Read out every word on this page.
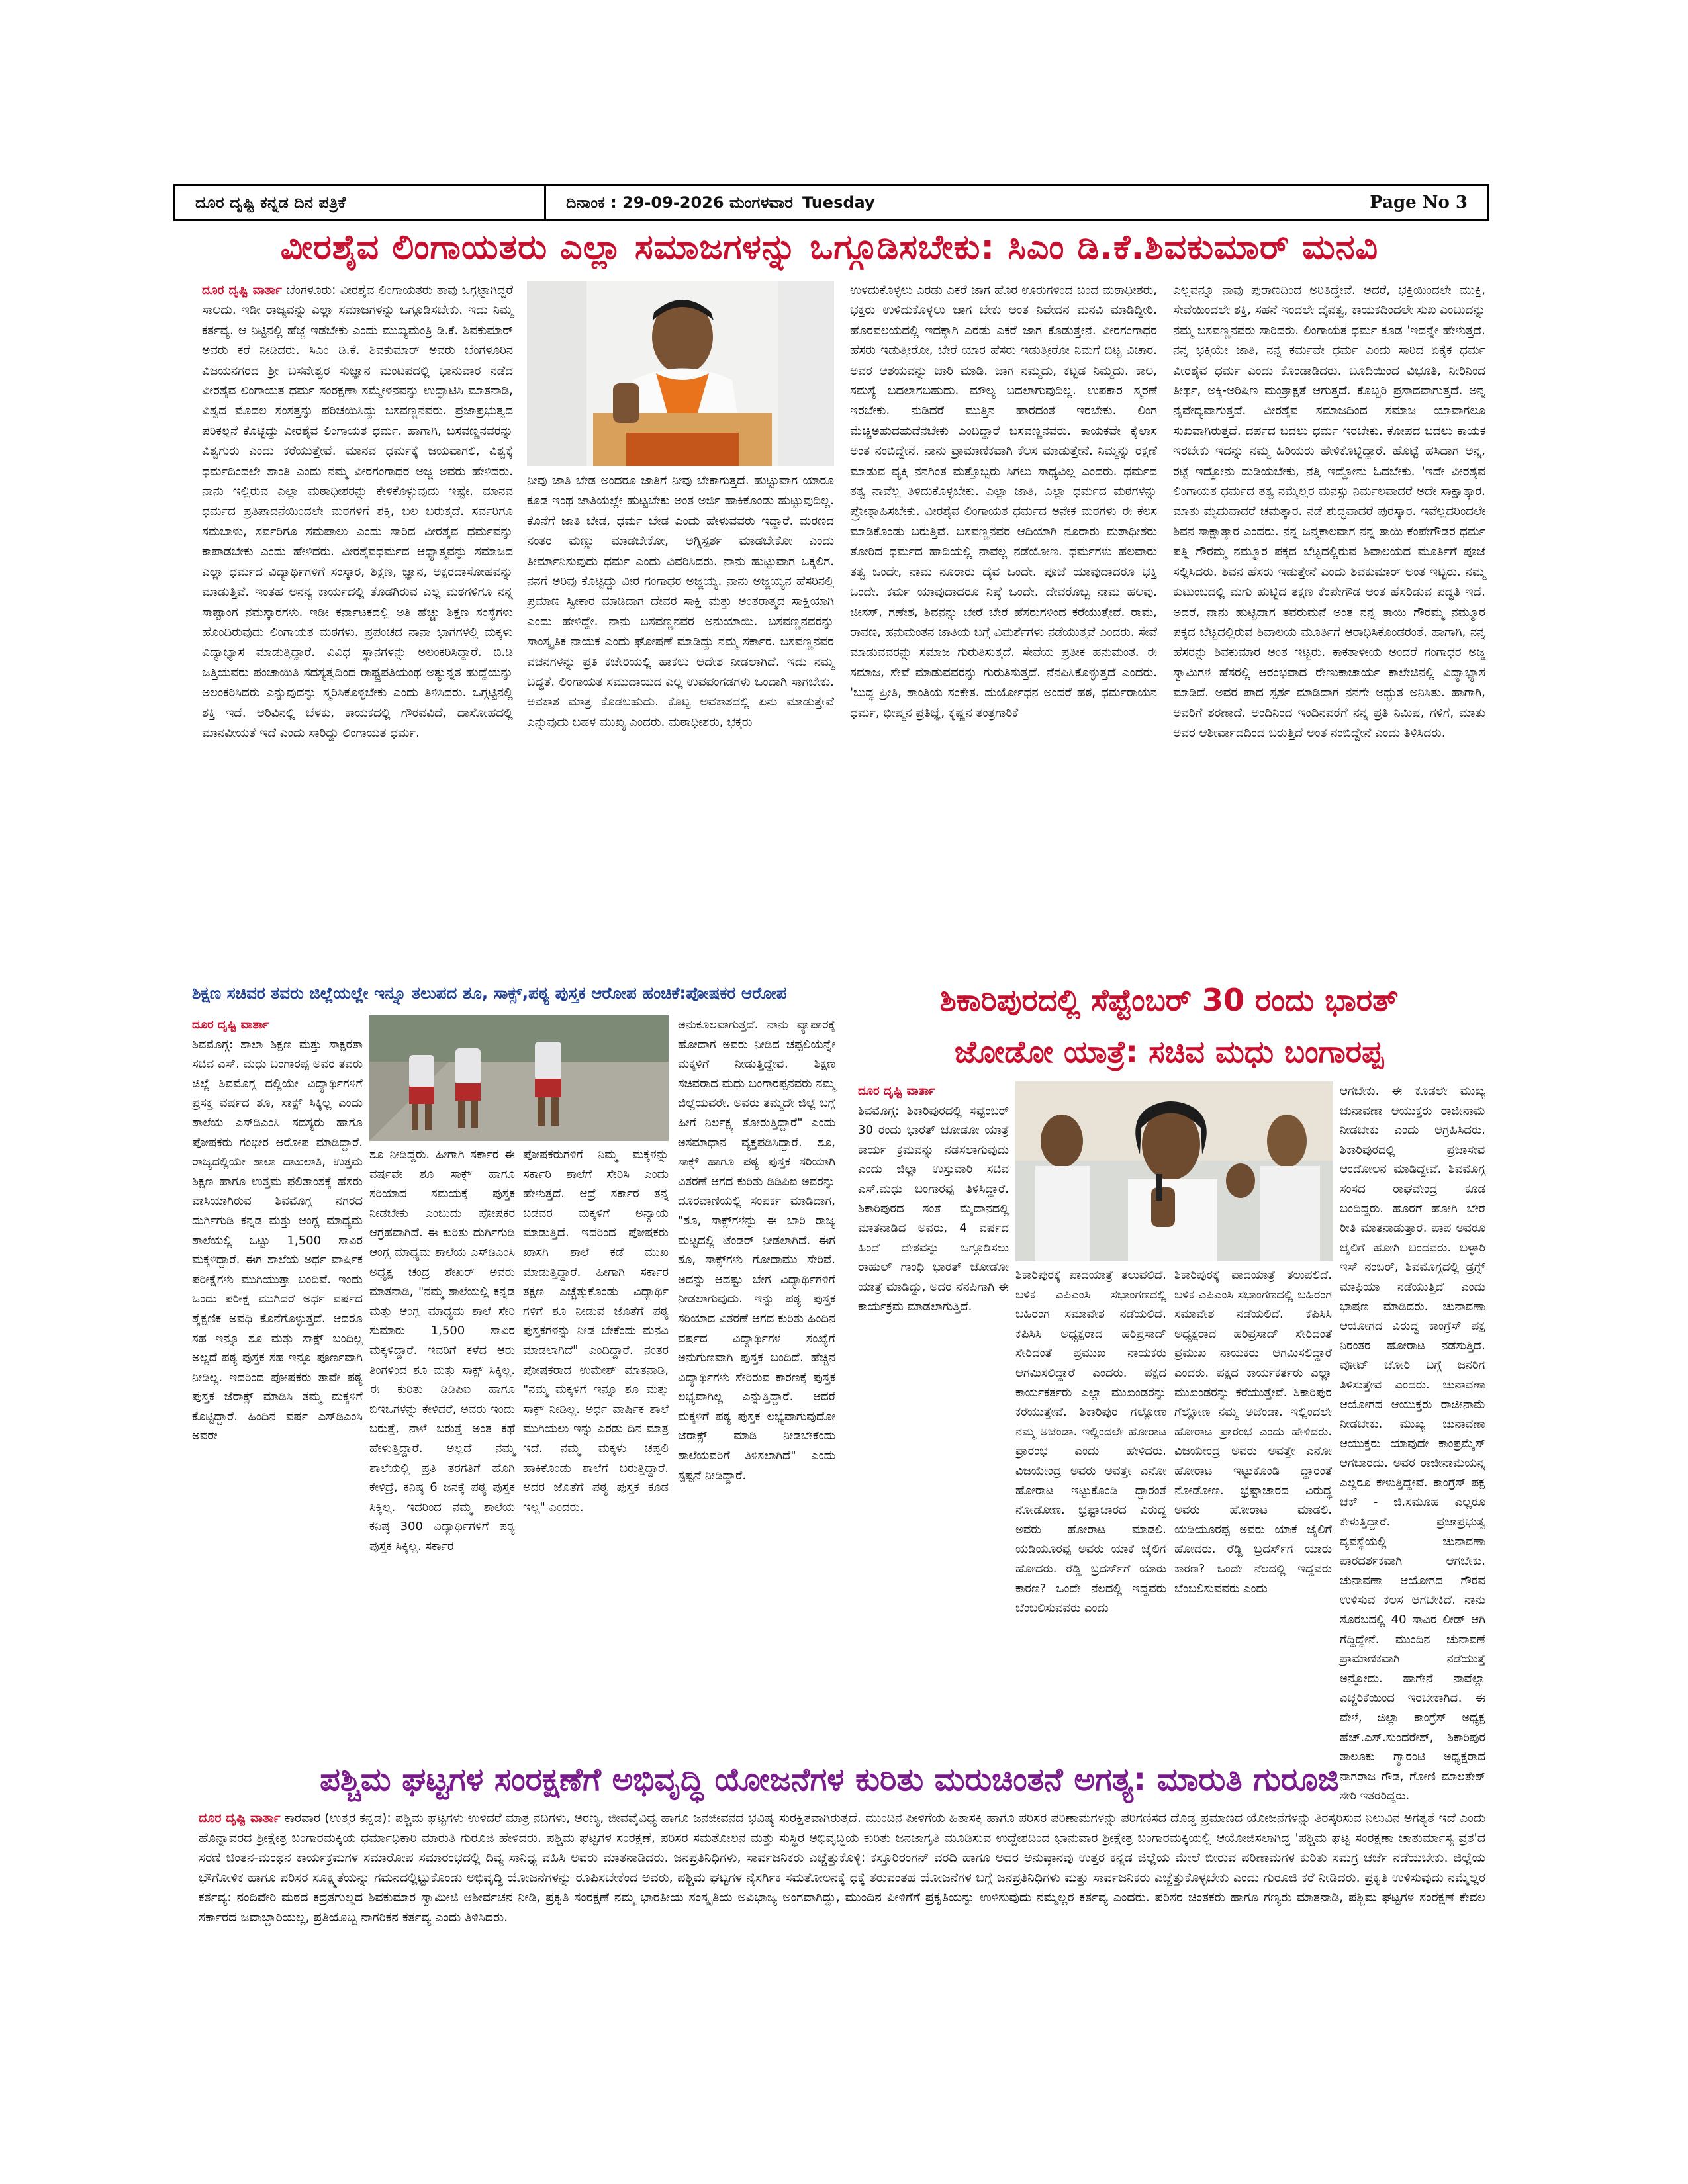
ದೂರ ದೃಷ್ಟಿ ಕನ್ನಡ ದಿನ ಪತ್ರಿಕೆ	ದಿನಾಂಕ : 29-09-2026 ಮಂಗಳವಾರ Tuesday	Page No 3
ವೀರಶೈವ ಲಿಂಗಾಯತರು ಎಲ್ಲಾ ಸಮಾಜಗಳನ್ನು ಒಗ್ಗೂಡಿಸಬೇಕು: ಸಿಎಂ ಡಿ.ಕೆ.ಶಿವಕುಮಾರ್ ಮನವಿ

ದೂರ ದೃಷ್ಟಿ ವಾರ್ತಾ ಬೆಂಗಳೂರು: ವೀರಶೈವ ಲಿಂಗಾಯತರು ತಾವು ಒಗ್ಗಟ್ಟಾಗಿದ್ದರೆ ಸಾಲದು. ಇಡೀ ರಾಜ್ಯವನ್ನು ಎಲ್ಲಾ ಸಮಾಜಗಳನ್ನು ಒಗ್ಗೂಡಿಸಬೇಕು. ಇದು ನಿಮ್ಮ ಕರ್ತವ್ಯ. ಆ ನಿಟ್ಟಿನಲ್ಲಿ ಹೆಜ್ಜೆ ಇಡಬೇಕು ಎಂದು ಮುಖ್ಯಮಂತ್ರಿ ಡಿ.ಕೆ. ಶಿವಕುಮಾರ್ ಅವರು ಕರೆ ನೀಡಿದರು. ಸಿಎಂ ಡಿ.ಕೆ. ಶಿವಕುಮಾರ್ ಅವರು ಬೆಂಗಳೂರಿನ ವಿಜಯನಗರದ ಶ್ರೀ ಬಸವೇಶ್ವರ ಸುಜ್ಞಾನ ಮಂಟಪದಲ್ಲಿ ಭಾನುವಾರ ನಡೆದ ವೀರಶೈವ ಲಿಂಗಾಯತ ಧರ್ಮ ಸಂರಕ್ಷಣಾ ಸಮ್ಮೇಳನವನ್ನು ಉದ್ಘಾಟಿಸಿ ಮಾತನಾಡಿ, ವಿಶ್ವದ ಮೊದಲ ಸಂಸತ್ತನ್ನು ಪರಿಚಯಿಸಿದ್ದು ಬಸವಣ್ಣನವರು. ಪ್ರಜಾಪ್ರಭುತ್ವದ ಪರಿಕಲ್ಪನೆ ಕೊಟ್ಟಿದ್ದು ವೀರಶೈವ ಲಿಂಗಾಯತ ಧರ್ಮ. ಹಾಗಾಗಿ, ಬಸವಣ್ಣನವರನ್ನು ವಿಶ್ವಗುರು ಎಂದು ಕರೆಯುತ್ತೇವೆ. ಮಾನವ ಧರ್ಮಕ್ಕೆ ಜಯವಾಗಲಿ, ವಿಶ್ವಕ್ಕೆ ಧರ್ಮದಿಂದಲೇ ಶಾಂತಿ ಎಂದು ನಮ್ಮ ವೀರಗಂಗಾಧರ ಅಜ್ಜ ಅವರು ಹೇಳಿದರು. ನಾನು ಇಲ್ಲಿರುವ ಎಲ್ಲಾ ಮಠಾಧೀಶರನ್ನು ಕೇಳಿಕೊಳ್ಳುವುದು ಇಷ್ಟೇ. ಮಾನವ ಧರ್ಮದ ಪ್ರತಿಪಾದನೆಯಿಂದಲೇ ಮಠಗಳಿಗೆ ಶಕ್ತಿ, ಬಲ ಬರುತ್ತದೆ. ಸರ್ವರಿಗೂ ಸಮಬಾಳು, ಸರ್ವರಿಗೂ ಸಮಪಾಲು ಎಂದು ಸಾರಿದ ವೀರಶೈವ ಧರ್ಮವನ್ನು ಕಾಪಾಡಬೇಕು ಎಂದು ಹೇಳಿದರು. ವೀರಶೈವಧರ್ಮದ ಆಧ್ಯಾತ್ಮವನ್ನು ಸಮಾಜದ ಎಲ್ಲಾ ಧರ್ಮದ ವಿದ್ಯಾರ್ಥಿಗಳಿಗೆ ಸಂಸ್ಕಾರ, ಶಿಕ್ಷಣ, ಜ್ಞಾನ, ಅಕ್ಷರದಾಸೋಹವನ್ನು ಮಾಡುತ್ತಿವೆ. ಇಂತಹ ಅನನ್ಯ ಕಾರ್ಯದಲ್ಲಿ ತೊಡಗಿರುವ ಎಲ್ಲ ಮಠಗಳಿಗೂ ನನ್ನ ಸಾಷ್ಟಾಂಗ ನಮಸ್ಕಾರಗಳು. ಇಡೀ ಕರ್ನಾಟಕದಲ್ಲಿ ಅತಿ ಹೆಚ್ಚು ಶಿಕ್ಷಣ ಸಂಸ್ಥೆಗಳು ಹೊಂದಿರುವುದು ಲಿಂಗಾಯತ ಮಠಗಳು. ಪ್ರಪಂಚದ ನಾನಾ ಭಾಗಗಳಲ್ಲಿ ಮಕ್ಕಳು ವಿದ್ಯಾಭ್ಯಾಸ ಮಾಡುತ್ತಿದ್ದಾರೆ. ವಿವಿಧ ಸ್ಥಾನಗಳನ್ನು ಅಲಂಕರಿಸಿದ್ದಾರೆ. ಬಿ.ಡಿ ಜತ್ತಿಯವರು ಪಂಚಾಯಿತಿ ಸದಸ್ಯತ್ವದಿಂದ ರಾಷ್ಟ್ರಪತಿಯಂಥ ಅತ್ಯುನ್ನತ ಹುದ್ದೆಯನ್ನು ಅಲಂಕರಿಸಿದರು ಎನ್ನುವುದನ್ನು ಸ್ಮರಿಸಿಕೊಳ್ಳಬೇಕು ಎಂದು ತಿಳಿಸಿದರು. ಒಗ್ಗಟ್ಟಿನಲ್ಲಿ ಶಕ್ತಿ ಇದೆ. ಅರಿವಿನಲ್ಲಿ ಬೆಳಕು, ಕಾಯಕದಲ್ಲಿ ಗೌರವವಿದೆ, ದಾಸೋಹದಲ್ಲಿ ಮಾನವೀಯತೆ ಇದೆ ಎಂದು ಸಾರಿದ್ದು ಲಿಂಗಾಯತ ಧರ್ಮ.

ನೀವು ಜಾತಿ ಬೇಡ ಅಂದರೂ ಜಾತಿಗೆ ನೀವು ಬೇಕಾಗುತ್ತದೆ. ಹುಟ್ಟುವಾಗ ಯಾರೂ ಕೂಡ ಇಂಥ ಜಾತಿಯಲ್ಲೇ ಹುಟ್ಟಬೇಕು ಅಂತ ಅರ್ಜಿ ಹಾಕಿಕೊಂಡು ಹುಟ್ಟುವುದಿಲ್ಲ. ಕೊನೆಗೆ ಜಾತಿ ಬೇಡ, ಧರ್ಮ ಬೇಡ ಎಂದು ಹೇಳುವವರು ಇದ್ದಾರೆ. ಮರಣದ ನಂತರ ಮಣ್ಣು ಮಾಡಬೇಕೋ, ಅಗ್ನಿಸ್ಪರ್ಶ ಮಾಡಬೇಕೋ ಎಂದು ತೀರ್ಮಾನಿಸುವುದು ಧರ್ಮ ಎಂದು ವಿವರಿಸಿದರು. ನಾನು ಹುಟ್ಟುವಾಗ ಒಕ್ಕಲಿಗ. ನನಗೆ ಅರಿವು ಕೊಟ್ಟಿದ್ದು ವೀರ ಗಂಗಾಧರ ಅಜ್ಜಯ್ಯ. ನಾನು ಅಜ್ಜಯ್ಯನ ಹೆಸರಿನಲ್ಲಿ ಪ್ರಮಾಣ ಸ್ವೀಕಾರ ಮಾಡಿದಾಗ ದೇವರ ಸಾಕ್ಷಿ ಮತ್ತು ಅಂತರಾತ್ಮದ ಸಾಕ್ಷಿಯಾಗಿ ಎಂದು ಹೇಳಿದ್ದೇ. ನಾನು ಬಸವಣ್ಣನವರ ಅನುಯಾಯಿ. ಬಸವಣ್ಣನವರನ್ನು ಸಾಂಸ್ಕೃತಿಕ ನಾಯಕ ಎಂದು ಘೋಷಣೆ ಮಾಡಿದ್ದು ನಮ್ಮ ಸರ್ಕಾರ. ಬಸವಣ್ಣನವರ ವಚನಗಳನ್ನು ಪ್ರತಿ ಕಚೇರಿಯಲ್ಲಿ ಹಾಕಲು ಆದೇಶ ನೀಡಲಾಗಿದೆ. ಇದು ನಮ್ಮ ಬದ್ಧತೆ. ಲಿಂಗಾಯತ ಸಮುದಾಯದ ಎಲ್ಲ ಉಪಪಂಗಡಗಳು ಒಂದಾಗಿ ಸಾಗಬೇಕು. ಅವಕಾಶ ಮಾತ್ರ ಕೊಡಬಹುದು. ಕೊಟ್ಟ ಅವಕಾಶದಲ್ಲಿ ಏನು ಮಾಡುತ್ತೇವೆ ಎನ್ನುವುದು ಬಹಳ ಮುಖ್ಯ ಎಂದರು. ಮಠಾಧೀಶರು, ಭಕ್ತರು

ಉಳಿದುಕೊಳ್ಳಲು ಎರಡು ಎಕರೆ ಜಾಗ ಹೊರ ಊರುಗಳಿಂದ ಬಂದ ಮಠಾಧೀಶರು, ಭಕ್ತರು ಉಳಿದುಕೊಳ್ಳಲು ಜಾಗ ಬೇಕು ಅಂತ ನಿವೇದನ ಮನವಿ ಮಾಡಿದ್ದೀರಿ. ಹೊರವಲಯದಲ್ಲಿ ಇದಕ್ಕಾಗಿ ಎರಡು ಎಕರೆ ಜಾಗ ಕೊಡುತ್ತೇನೆ. ವೀರಗಂಗಾಧರ ಹೆಸರು ಇಡುತ್ತೀರೋ, ಬೇರೆ ಯಾರ ಹೆಸರು ಇಡುತ್ತೀರೋ ನಿಮಗೆ ಬಿಟ್ಟ ವಿಚಾರ. ಅವರ ಆಶಯವನ್ನು ಜಾರಿ ಮಾಡಿ. ಜಾಗ ನಮ್ಮದು, ಕಟ್ಟಡ ನಿಮ್ಮದು. ಕಾಲ, ಸಮಸ್ಯೆ ಬದಲಾಗಬಹುದು. ಮೌಲ್ಯ ಬದಲಾಗುವುದಿಲ್ಲ. ಉಪಕಾರ ಸ್ಮರಣೆ ಇರಬೇಕು. ನುಡಿದರೆ ಮುತ್ತಿನ ಹಾರದಂತೆ ಇರಬೇಕು. ಲಿಂಗ ಮೆಚ್ಚಿಅಹುದಹುದೆನಬೇಕು ಎಂದಿದ್ದಾರೆ ಬಸವಣ್ಣನವರು. ಕಾಯಕವೇ ಕೈಲಾಸ ಅಂತ ನಂಬಿದ್ದೇನೆ. ನಾನು ಪ್ರಾಮಾಣಿಕವಾಗಿ ಕೆಲಸ ಮಾಡುತ್ತೇನೆ. ನಿಮ್ಮನ್ನು ರಕ್ಷಣೆ ಮಾಡುವ ವ್ಯಕ್ತಿ ನನಗಿಂತ ಮತ್ತೊಬ್ಬರು ಸಿಗಲು ಸಾಧ್ಯವಿಲ್ಲ ಎಂದರು. ಧರ್ಮದ ತತ್ವ ನಾವೆಲ್ಲ ತಿಳಿದುಕೊಳ್ಳಬೇಕು. ಎಲ್ಲಾ ಜಾತಿ, ಎಲ್ಲಾ ಧರ್ಮದ ಮಠಗಳನ್ನು ಪ್ರೋತ್ಸಾಹಿಸಬೇಕು. ವೀರಶೈವ ಲಿಂಗಾಯತ ಧರ್ಮದ ಅನೇಕ ಮಠಗಳು ಈ ಕೆಲಸ ಮಾಡಿಕೊಂಡು ಬರುತ್ತಿವೆ. ಬಸವಣ್ಣನವರ ಆದಿಯಾಗಿ ನೂರಾರು ಮಠಾಧೀಶರು ತೋರಿದ ಧರ್ಮದ ಹಾದಿಯಲ್ಲಿ ನಾವೆಲ್ಲ ನಡೆಯೋಣ. ಧರ್ಮಗಳು ಹಲವಾರು ತತ್ವ ಒಂದೇ, ನಾಮ ನೂರಾರು ದೈವ ಒಂದೇ. ಪೂಜೆ ಯಾವುದಾದರೂ ಭಕ್ತಿ ಒಂದೇ. ಕರ್ಮ ಯಾವುದಾದರೂ ನಿಷ್ಠೆ ಒಂದೇ. ದೇವರೊಬ್ಬ ನಾಮ ಹಲವು. ಜೀಸಸ್, ಗಣೇಶ, ಶಿವನನ್ನು ಬೇರೆ ಬೇರೆ ಹೆಸರುಗಳಿಂದ ಕರೆಯುತ್ತೇವೆ. ರಾಮ, ರಾವಣ, ಹನುಮಂತನ ಜಾತಿಯ ಬಗ್ಗೆ ವಿಮರ್ಶೆಗಳು ನಡೆಯುತ್ತವೆ ಎಂದರು. ಸೇವೆ ಮಾಡುವವರನ್ನು ಸಮಾಜ ಗುರುತಿಸುತ್ತದೆ. ಸೇವೆಯ ಪ್ರತೀಕ ಹನುಮಂತ. ಈ ಸಮಾಜ, ಸೇವೆ ಮಾಡುವವರನ್ನು ಗುರುತಿಸುತ್ತದೆ. ನೆನಪಿಸಿಕೊಳ್ಳುತ್ತದೆ ಎಂದರು. 'ಬುದ್ಧ ಪ್ರೀತಿ, ಶಾಂತಿಯ ಸಂಕೇತ. ದುರ್ಯೋಧನ ಅಂದರೆ ಹಠ, ಧರ್ಮರಾಯನ ಧರ್ಮ, ಭೀಷ್ಮನ ಪ್ರತಿಜ್ಞೆ, ಕೃಷ್ಣನ ತಂತ್ರಗಾರಿಕೆ

ಎಲ್ಲವನ್ನೂ ನಾವು ಪುರಾಣದಿಂದ ಅರಿತಿದ್ದೇವೆ. ಅದರೆ, ಭಕ್ತಿಯಿಂದಲೇ ಮುಕ್ತಿ, ಸೇವೆಯಿಂದಲೇ ಶಕ್ತಿ, ಸಹನೆ ಇಂದಲೇ ದೈವತ್ವ, ಕಾಯಕದಿಂದಲೇ ಸುಖ ಎಂಬುದನ್ನು ನಮ್ಮ ಬಸವಣ್ಣನವರು ಸಾರಿದರು. ಲಿಂಗಾಯತ ಧರ್ಮ ಕೂಡ 'ಇದನ್ನೇ ಹೇಳುತ್ತದೆ. ನನ್ನ ಭಕ್ತಿಯೇ ಜಾತಿ, ನನ್ನ ಕರ್ಮವೇ ಧರ್ಮ ಎಂದು ಸಾರಿದ ಏಕೈಕ ಧರ್ಮ ವೀರಶೈವ ಧರ್ಮ ಎಂದು ಕೊಂಡಾಡಿದರು. ಬೂದಿಯಿಂದ ವಿಭೂತಿ, ನೀರಿನಿಂದ ತೀರ್ಥ, ಅಕ್ಕಿ-ಅರಿಷಿಣ ಮಂತ್ರಾಕ್ಷತೆ ಆಗುತ್ತದೆ. ಕೊಬ್ಬರಿ ಪ್ರಸಾದವಾಗುತ್ತದೆ. ಅನ್ನ ನೈವೇದ್ಯವಾಗುತ್ತದೆ. ವೀರಶೈವ ಸಮಾಜದಿಂದ ಸಮಾಜ ಯಾವಾಗಲೂ ಸುಖವಾಗಿರುತ್ತದೆ. ದರ್ಪದ ಬದಲು ಧರ್ಮ ಇರಬೇಕು. ಕೋಪದ ಬದಲು ಕಾಯಕ ಇರಬೇಕು ಇದನ್ನು ನಮ್ಮ ಹಿರಿಯರು ಹೇಳಿಕೊಟ್ಟಿದ್ದಾರೆ. ಹೊಟ್ಟೆ ಹಸಿದಾಗ ಅನ್ನ, ರಟ್ಟೆ ಇದ್ದೋನು ದುಡಿಯಬೇಕು, ನೆತ್ತಿ ಇದ್ದೋನು ಓದಬೇಕು. 'ಇದೇ ವೀರಶೈವ ಲಿಂಗಾಯತ ಧರ್ಮದ ತತ್ವ ನಮ್ಮೆಲ್ಲರ ಮನಸ್ಸು ನಿರ್ಮಲವಾದರೆ ಅದೇ ಸಾಕ್ಷಾತ್ಕಾರ. ಮಾತು ಮೃದುವಾದರೆ ಚಮತ್ಕಾರ. ನಡೆ ಶುದ್ಧವಾದರೆ ಪುರಸ್ಕಾರ. ಇವೆಲ್ಲದರಿಂದಲೇ ಶಿವನ ಸಾಕ್ಷಾತ್ಕಾರ ಎಂದರು. ನನ್ನ ಜನ್ಮಕಾಲವಾಗ ನನ್ನ ತಾಯಿ ಕೆಂಪೇಗೌಡರ ಧರ್ಮ ಪತ್ನಿ ಗೌರಮ್ಮ ನಮ್ಮೂರ ಪಕ್ಕದ ಬೆಟ್ಟದಲ್ಲಿರುವ ಶಿವಾಲಯದ ಮೂರ್ತಿಗೆ ಪೂಜೆ ಸಲ್ಲಿಸಿದರು. ಶಿವನ ಹೆಸರು ಇಡುತ್ತೇನೆ ಎಂದು ಶಿವಕುಮಾರ್ ಅಂತ ಇಟ್ಟರು. ನಮ್ಮ ಕುಟುಂಬದಲ್ಲಿ ಮಗು ಹುಟ್ಟಿದ ತಕ್ಷಣ ಕೆಂಪೇಗೌಡ ಅಂತ ಹೆಸರಿಡುವ ಪದ್ಧತಿ ಇದೆ. ಅದರೆ, ನಾನು ಹುಟ್ಟಿದಾಗ ತವರುಮನೆ ಅಂತ ನನ್ನ ತಾಯಿ ಗೌರಮ್ಮ ನಮ್ಮೂರ ಪಕ್ಕದ ಬೆಟ್ಟದಲ್ಲಿರುವ ಶಿವಾಲಯ ಮೂರ್ತಿಗೆ ಆರಾಧಿಸಿಕೊಂಡರಂತೆ. ಹಾಗಾಗಿ, ನನ್ನ ಹೆಸರನ್ನು ಶಿವಕುಮಾರ ಅಂತ ಇಟ್ಟರು. ಕಾಕತಾಳೀಯ ಅಂದರೆ ಗಂಗಾಧರ ಅಜ್ಜ ಸ್ವಾಮಿಗಳ ಹೆಸರಲ್ಲಿ ಆರಂಭವಾದ ರೇಣುಕಾಚಾರ್ಯ ಕಾಲೇಜಿನಲ್ಲಿ ವಿದ್ಯಾಭ್ಯಾಸ ಮಾಡಿದೆ. ಅವರ ಪಾದ ಸ್ಪರ್ಶ ಮಾಡಿದಾಗ ನನಗೇ ಅದ್ಭುತ ಅನಿಸಿತು. ಹಾಗಾಗಿ, ಅವರಿಗೆ ಶರಣಾದೆ. ಅಂದಿನಿಂದ ಇಂದಿನವರೆಗೆ ನನ್ನ ಪ್ರತಿ ನಿಮಿಷ, ಗಳಿಗೆ, ಮಾತು ಅವರ ಆಶೀರ್ವಾದದಿಂದ ಬರುತ್ತಿದೆ ಅಂತ ನಂಬಿದ್ದೇನೆ ಎಂದು ತಿಳಿಸಿದರು.

ಶಿಕ್ಷಣ ಸಚಿವರ ತವರು ಜಿಲ್ಲೆಯಲ್ಲೇ ಇನ್ನೂ ತಲುಪದ ಶೂ, ಸಾಕ್ಸ್,ಪಠ್ಯ ಪುಸ್ತಕ ಆರೋಪ ಹಂಚಿಕೆ:ಪೋಷಕರ ಆರೋಪ	ಶಿಕಾರಿಪುರದಲ್ಲಿ ಸೆಪ್ಟೆಂಬರ್ 30 ರಂದು ಭಾರತ್
ಜೋಡೋ ಯಾತ್ರೆ: ಸಚಿವ ಮಧು ಬಂಗಾರಪ್ಪ

ದೂರ ದೃಷ್ಟಿ ವಾರ್ತಾ
ಶಿವಮೊಗ್ಗ: ಶಾಲಾ ಶಿಕ್ಷಣ ಮತ್ತು ಸಾಕ್ಷರತಾ ಸಚಿವ ಎಸ್. ಮಧು ಬಂಗಾರಪ್ಪ ಅವರ ತವರು ಜಿಲ್ಲೆ ಶಿವಮೊಗ್ಗ ದಲ್ಲಿಯೇ ವಿದ್ಯಾರ್ಥಿಗಳಿಗೆ ಪ್ರಸಕ್ತ ವರ್ಷದ ಶೂ, ಸಾಕ್ಸ್ ಸಿಕ್ಕಿಲ್ಲ ಎಂದು ಶಾಲೆಯ ಎಸ್‌ಡಿಎಂಸಿ ಸದಸ್ಯರು ಹಾಗೂ ಪೋಷಕರು ಗಂಭೀರ ಆರೋಪ ಮಾಡಿದ್ದಾರೆ. ರಾಜ್ಯದಲ್ಲಿಯೇ ಶಾಲಾ ದಾಖಲಾತಿ, ಉತ್ತಮ ಶಿಕ್ಷಣ ಹಾಗೂ ಉತ್ತಮ ಫಲಿತಾಂಶಕ್ಕೆ ಹೆಸರು ವಾಸಿಯಾಗಿರುವ ಶಿವಮೊಗ್ಗ ನಗರದ ದುರ್ಗಿಗುಡಿ ಕನ್ನಡ ಮತ್ತು ಆಂಗ್ಲ ಮಾಧ್ಯಮ ಶಾಲೆಯಲ್ಲಿ ಒಟ್ಟು 1,500 ಸಾವಿರ ಮಕ್ಕಳಿದ್ದಾರೆ. ಈಗ ಶಾಲೆಯ ಅರ್ಧ ವಾರ್ಷಿಕ ಪರೀಕ್ಷೆಗಳು ಮುಗಿಯುತ್ತಾ ಬಂದಿವೆ. ಇಂದು ಒಂದು ಪರೀಕ್ಷೆ ಮುಗಿದರೆ ಅರ್ಧ ವರ್ಷದ ಶೈಕ್ಷಣಿಕ ಅವಧಿ ಕೊನೆಗೊಳ್ಳುತ್ತದೆ. ಆದರೂ ಸಹ ಇನ್ನೂ ಶೂ ಮತ್ತು ಸಾಕ್ಸ್ ಬಂದಿಲ್ಲ ಅಲ್ಲದೆ ಪಠ್ಯ ಪುಸ್ತಕ ಸಹ ಇನ್ನೂ ಪೂರ್ಣವಾಗಿ ನೀಡಿಲ್ಲ. ಇದರಿಂದ ಪೋಷಕರು ತಾವೇ ಪಠ್ಯ ಪುಸ್ತಕ ಜೆರಾಕ್ಸ್ ಮಾಡಿಸಿ ತಮ್ಮ ಮಕ್ಕಳಿಗೆ ಕೊಟ್ಟಿದ್ದಾರೆ. ಹಿಂದಿನ ವರ್ಷ ಎಸ್‌ಡಿಎಂಸಿ ಅವರೇ

ಶೂ ನೀಡಿದ್ದರು. ಹೀಗಾಗಿ ಸರ್ಕಾರ ಈ ವರ್ಷವೇ ಶೂ ಸಾಕ್ಸ್ ಹಾಗೂ ಸರಿಯಾದ ಸಮಯಕ್ಕೆ ಪುಸ್ತಕ ನೀಡಬೇಕು ಎಂಬುದು ಪೋಷಕರ ಆಗ್ರಹವಾಗಿದೆ. ಈ ಕುರಿತು ದುರ್ಗಿಗುಡಿ ಆಂಗ್ಲ ಮಾಧ್ಯಮ ಶಾಲೆಯ ಎಸ್‌ಡಿಎಂಸಿ ಅಧ್ಯಕ್ಷ ಚಂದ್ರ ಶೇಖರ್ ಅವರು ಮಾತನಾಡಿ, "ನಮ್ಮ ಶಾಲೆಯಲ್ಲಿ ಕನ್ನಡ ಮತ್ತು ಆಂಗ್ಲ ಮಾಧ್ಯಮ ಶಾಲೆ ಸೇರಿ ಸುಮಾರು 1,500 ಸಾವಿರ ಮಕ್ಕಳಿದ್ದಾರೆ. ಇವರಿಗೆ ಕಳೆದ ಆರು ತಿಂಗಳಿಂದ ಶೂ ಮತ್ತು ಸಾಕ್ಸ್ ಸಿಕ್ಕಿಲ್ಲ. ಈ ಕುರಿತು ಡಿಡಿಪಿಐ ಹಾಗೂ ಬಿಇಒಗಳನ್ನು ಕೇಳಿದರೆ, ಅವರು ಇಂದು ಬರುತ್ತೆ, ನಾಳೆ ಬರುತ್ತೆ ಅಂತ ಕಥೆ ಹೇಳುತ್ತಿದ್ದಾರೆ. ಅಲ್ಲದೆ ನಮ್ಮ ಶಾಲೆಯಲ್ಲಿ ಪ್ರತಿ ತರಗತಿಗೆ ಹೊಗಿ ಕೇಳಿದ್ರೆ, ಕನಿಷ್ಠ 6 ಜನಕ್ಕೆ ಪಠ್ಯ ಪುಸ್ತಕ ಸಿಕ್ಕಿಲ್ಲ. ಇದರಿಂದ ನಮ್ಮ ಶಾಲೆಯ ಕನಿಷ್ಠ 300 ವಿದ್ಯಾರ್ಥಿಗಳಿಗೆ ಪಠ್ಯ ಪುಸ್ತಕ ಸಿಕ್ಕಿಲ್ಲ. ಸರ್ಕಾರ

ಪೋಷಕರುಗಳಿಗೆ ನಿಮ್ಮ ಮಕ್ಕಳನ್ನು ಸರ್ಕಾರಿ ಶಾಲೆಗೆ ಸೇರಿಸಿ ಎಂದು ಹೇಳುತ್ತದೆ. ಆದ್ರೆ ಸರ್ಕಾರ ತನ್ನ ಬಡವರ ಮಕ್ಕಳಿಗೆ ಅನ್ಯಾಯ ಮಾಡುತ್ತಿದೆ. ಇದರಿಂದ ಪೋಷಕರು ಖಾಸಗಿ ಶಾಲೆ ಕಡೆ ಮುಖ ಮಾಡುತ್ತಿದ್ದಾರೆ. ಹೀಗಾಗಿ ಸರ್ಕಾರ ತಕ್ಷಣ ಎಚ್ಚೆತ್ತುಕೊಂಡು ವಿದ್ಯಾರ್ಥಿ ಗಳಿಗೆ ಶೂ ನೀಡುವ ಜೊತೆಗೆ ಪಠ್ಯ ಪುಸ್ತಕಗಳನ್ನು ನೀಡ ಬೇಕೆಂದು ಮನವಿ ಮಾಡಲಾಗಿದೆ" ಎಂದಿದ್ದಾರೆ. ನಂತರ ಪೋಷಕರಾದ ಉಮೇಶ್ ಮಾತನಾಡಿ, "ನಮ್ಮ ಮಕ್ಕಳಿಗೆ ಇನ್ನೂ ಶೂ ಮತ್ತು ಸಾಕ್ಸ್ ನೀಡಿಲ್ಲ. ಅರ್ಧ ವಾರ್ಷಿಕ ಶಾಲೆ ಮುಗಿಯಲು ಇನ್ನು ಎರಡು ದಿನ ಮಾತ್ರ ಇದೆ. ನಮ್ಮ ಮಕ್ಕಳು ಚಪ್ಪಲಿ ಹಾಕಿಕೊಂಡು ಶಾಲೆಗೆ ಬರುತ್ತಿದ್ದಾರೆ. ಅದರ ಜೊತೆಗೆ ಪಠ್ಯ ಪುಸ್ತಕ ಕೂಡ ಇಲ್ಲ" ಎಂದರು.

ಅನುಕೂಲವಾಗುತ್ತದೆ. ನಾನು ವ್ಯಾಪಾರಕ್ಕೆ ಹೋದಾಗ ಅವರು ನೀಡಿದ ಚಪ್ಪಲಿಯನ್ನೇ ಮಕ್ಕಳಿಗೆ ನೀಡುತ್ತಿದ್ದೇವೆ. ಶಿಕ್ಷಣ ಸಚಿವರಾದ ಮಧು ಬಂಗಾರಪ್ಪನವರು ನಮ್ಮ ಜಿಲ್ಲೆಯವರೇ. ಅವರು ತಮ್ಮದೇ ಜಿಲ್ಲೆ ಬಗ್ಗೆ ಹೀಗೆ ನಿರ್ಲಕ್ಷ್ಯ ತೋರುತ್ತಿದ್ದಾರೆ" ಎಂದು ಅಸಮಾಧಾನ ವ್ಯಕ್ತಪಡಿಸಿದ್ದಾರೆ. ಶೂ, ಸಾಕ್ಸ್ ಹಾಗೂ ಪಠ್ಯ ಪುಸ್ತಕ ಸರಿಯಾಗಿ ವಿತರಣೆ ಆಗದ ಕುರಿತು ಡಿಡಿಪಿಐ ಅವರನ್ನು ದೂರವಾಣಿಯಲ್ಲಿ ಸಂಪರ್ಕ ಮಾಡಿದಾಗ, "ಶೂ, ಸಾಕ್ಸ್‌ಗಳನ್ನು ಈ ಬಾರಿ ರಾಜ್ಯ ಮಟ್ಟದಲ್ಲಿ ಟೆಂಡರ್ ನೀಡಲಾಗಿದೆ. ಈಗ ಶೂ, ಸಾಕ್ಸ್‌ಗಳು ಗೋದಾಮು ಸೇರಿವೆ. ಅದನ್ನು ಆದಷ್ಟು ಬೇಗ ವಿದ್ಯಾರ್ಥಿಗಳಿಗೆ ನೀಡಲಾಗುವುದು. ಇನ್ನು ಪಠ್ಯ ಪುಸ್ತಕ ಸರಿಯಾದ ವಿತರಣೆ ಆಗದ ಕುರಿತು ಹಿಂದಿನ ವರ್ಷದ ವಿದ್ಯಾರ್ಥಿಗಳ ಸಂಖ್ಯೆಗೆ ಅನುಗುಣವಾಗಿ ಪುಸ್ತಕ ಬಂದಿದೆ. ಹೆಚ್ಚಿನ ವಿದ್ಯಾರ್ಥಿಗಳು ಸೇರಿರುವ ಕಾರಣಕ್ಕೆ ಪುಸ್ತಕ ಲಭ್ಯವಾಗಿಲ್ಲ ಎನ್ನುತ್ತಿದ್ದಾರೆ. ಆದರೆ ಮಕ್ಕಳಿಗೆ ಪಠ್ಯ ಪುಸ್ತಕ ಲಭ್ಯವಾಗುವುದೋ ಜೆರಾಕ್ಸ್ ಮಾಡಿ ನೀಡಬೇಕೆಂದು ಶಾಲೆಯವರಿಗೆ ತಿಳಿಸಲಾಗಿದೆ" ಎಂದು ಸ್ಪಷ್ಟನೆ ನೀಡಿದ್ದಾರೆ.

ದೂರ ದೃಷ್ಟಿ ವಾರ್ತಾ
ಶಿವಮೊಗ್ಗ: ಶಿಕಾರಿಪುರದಲ್ಲಿ ಸೆಪ್ಟೆಂಬರ್ 30 ರಂದು ಭಾರತ್ ಜೋಡೋ ಯಾತ್ರೆ ಕಾರ್ಯ ಕ್ರಮವನ್ನು ನಡೆಸಲಾಗುವುದು ಎಂದು ಜಿಲ್ಲಾ ಉಸ್ತುವಾರಿ ಸಚಿವ ಎಸ್.ಮಧು ಬಂಗಾರಪ್ಪ ತಿಳಿಸಿದ್ದಾರೆ. ಶಿಕಾರಿಪುರದ ಸಂತೆ ಮೈದಾನದಲ್ಲಿ ಮಾತನಾಡಿದ ಅವರು, 4 ವರ್ಷದ ಹಿಂದೆ ದೇಶವನ್ನು ಒಗ್ಗೂಡಿಸಲು ರಾಹುಲ್ ಗಾಂಧಿ ಭಾರತ್ ಜೋಡೋ ಯಾತ್ರೆ ಮಾಡಿದ್ದು, ಅದರ ನೆನಪಿಗಾಗಿ ಈ ಕಾರ್ಯಕ್ರಮ ಮಾಡಲಾಗುತ್ತಿದೆ.

ಶಿಕಾರಿಪುರಕ್ಕೆ ಪಾದಯಾತ್ರೆ ತಲುಪಲಿದೆ. ಬಳಿಕ ಎಪಿಎಂಸಿ ಸಭಾಂಗಣದಲ್ಲಿ ಬಹಿರಂಗ ಸಮಾವೇಶ ನಡೆಯಲಿದೆ. ಕೆಪಿಸಿಸಿ ಅಧ್ಯಕ್ಷರಾದ ಹರಿಪ್ರಸಾದ್ ಸೇರಿದಂತೆ ಪ್ರಮುಖ ನಾಯಕರು ಆಗಮಿಸಲಿದ್ದಾರೆ ಎಂದರು. ಪಕ್ಷದ ಕಾರ್ಯಕರ್ತರು ಎಲ್ಲಾ ಮುಖಂಡರನ್ನು ಕರೆಯುತ್ತೇವೆ. ಶಿಕಾರಿಪುರ ಗೆಲ್ಲೋಣ ನಮ್ಮ ಅಜೆಂಡಾ. ಇಲ್ಲಿಂದಲೇ ಹೋರಾಟ ಪ್ರಾರಂಭ ಎಂದು ಹೇಳಿದರು. ವಿಜಯೇಂದ್ರ ಅವರು ಅವತ್ತೇ ಎನೋ ಹೋರಾಟ ಇಟ್ಟುಕೊಂಡಿ ದ್ದಾರಂತೆ ನೋಡೋಣ. ಭ್ರಷ್ಟಾಚಾರದ ವಿರುದ್ಧ ಅವರು ಹೋರಾಟ ಮಾಡಲಿ. ಯಡಿಯೂರಪ್ಪ ಅವರು ಯಾಕೆ ಜೈಲಿಗೆ ಹೋದರು. ರೆಡ್ಡಿ ಬ್ರದರ್ಸ್‌ಗೆ ಯಾರು ಕಾರಣ? ಒಂದೇ ನೆಲದಲ್ಲಿ ಇದ್ದವರು ಬೆಂಬಲಿಸುವವರು ಎಂದು

ಆಗಬೇಕು. ಈ ಕೂಡಲೇ ಮುಖ್ಯ ಚುನಾವಣಾ ಆಯುಕ್ತರು ರಾಜೀನಾಮೆ ನೀಡಬೇಕು ಎಂದು ಆಗ್ರಹಿಸಿದರು. ಶಿಕಾರಿಪುರದಲ್ಲಿ ಪ್ರಜಾಸೇವೆ ಆಂದೋಲನ ಮಾಡಿದ್ದೇವೆ. ಶಿವಮೊಗ್ಗ ಸಂಸದ ರಾಘವೇಂದ್ರ ಕೂಡ ಬಂದಿದ್ದರು. ಹೊರಗೆ ಹೋಗಿ ಬೇರೆ ರೀತಿ ಮಾತನಾಡುತ್ತಾರೆ. ಪಾಪ ಅವರೂ ಜೈಲಿಗೆ ಹೋಗಿ ಬಂದವರು. ಬಳ್ಳಾರಿ ಇಸ್ ನಂಬರ್, ಶಿವಮೊಗ್ಗದಲ್ಲಿ ಡ್ರಗ್ಸ್ ಮಾಫಿಯಾ ನಡೆಯುತ್ತಿದೆ ಎಂದು ಭಾಷಣ ಮಾಡಿದರು. ಚುನಾವಣಾ ಆಯೋಗದ ವಿರುದ್ಧ ಕಾಂಗ್ರೆಸ್ ಪಕ್ಷ ನಿರಂತರ ಹೋರಾಟ ನಡೆಸುತ್ತಿದೆ. ವೋಟ್ ಚೋರಿ ಬಗ್ಗೆ ಜನರಿಗೆ ತಿಳಿಸುತ್ತೇವೆ ಎಂದರು. ಚುನಾವಣಾ ಆಯೋಗದ ಆಯುಕ್ತರು ರಾಜೀನಾಮೆ ನೀಡಬೇಕು. ಮುಖ್ಯ ಚುನಾವಣಾ ಆಯುಕ್ತರು ಯಾವುದೇ ಕಾಂಪ್ರಮೈಸ್ ಆಗಬಾರದು. ಅವರ ರಾಜೀನಾಮೆಯನ್ನ ಎಲ್ಲರೂ ಕೇಳುತ್ತಿದ್ದೇವೆ. ಕಾಂಗ್ರೆಸ್ ಪಕ್ಷ ಚೆಕ್ - ಜಿ.ಸಮೂಹ ಎಲ್ಲರೂ ಕೇಳುತ್ತಿದ್ದಾರೆ. ಪ್ರಜಾಪ್ರಭುತ್ವ ವ್ಯವಸ್ಥೆಯಲ್ಲಿ ಚುನಾವಣಾ ಪಾರದರ್ಶಕವಾಗಿ ಆಗಬೇಕು. ಚುನಾವಣಾ ಆಯೋಗದ ಗೌರವ ಉಳಿಸುವ ಕೆಲಸ ಆಗಬೇಕಿದೆ. ನಾನು ಸೊರಬದಲ್ಲಿ 40 ಸಾವಿರ ಲೀಡ್ ಆಗಿ ಗೆದ್ದಿದ್ದೇನೆ. ಮುಂದಿನ ಚುನಾವಣೆ ಪ್ರಾಮಾಣಿಕವಾಗಿ ನಡೆಯುತ್ತೆ ಅನ್ನೋದು. ಹಾಗೇನೆ ನಾವೆಲ್ಲಾ ಎಚ್ಚರಿಕೆಯಿಂದ ಇರಬೇಕಾಗಿದೆ. ಈ ವೇಳೆ, ಜಿಲ್ಲಾ ಕಾಂಗ್ರೆಸ್ ಅಧ್ಯಕ್ಷ ಹೆಚ್.ಎಸ್.ಸುಂದರೇಶ್, ಶಿಕಾರಿಪುರ ತಾಲೂಕು ಗ್ಯಾರಂಟಿ ಅಧ್ಯಕ್ಷರಾದ ನಾಗರಾಜ ಗೌಡ, ಗೋಣಿ ಮಾಲತೇಶ್ ಸೇರಿ ಇತರರಿದ್ದರು.

ಶಿಕಾರಿಪುರಕ್ಕೆ ಪಾದಯಾತ್ರೆ ತಲುಪಲಿದೆ. ಬಳಿಕ ಎಪಿಎಂಸಿ ಸಭಾಂಗಣದಲ್ಲಿ ಬಹಿರಂಗ ಸಮಾವೇಶ ನಡೆಯಲಿದೆ. ಕೆಪಿಸಿಸಿ ಅಧ್ಯಕ್ಷರಾದ ಹರಿಪ್ರಸಾದ್ ಸೇರಿದಂತೆ ಪ್ರಮುಖ ನಾಯಕರು ಆಗಮಿಸಲಿದ್ದಾರೆ ಎಂದರು. ಪಕ್ಷದ ಕಾರ್ಯಕರ್ತರು ಎಲ್ಲಾ ಮುಖಂಡರನ್ನು ಕರೆಯುತ್ತೇವೆ. ಶಿಕಾರಿಪುರ ಗೆಲ್ಲೋಣ ನಮ್ಮ ಅಜೆಂಡಾ. ಇಲ್ಲಿಂದಲೇ ಹೋರಾಟ ಪ್ರಾರಂಭ ಎಂದು ಹೇಳಿದರು. ವಿಜಯೇಂದ್ರ ಅವರು ಅವತ್ತೇ ಎನೋ ಹೋರಾಟ ಇಟ್ಟುಕೊಂಡಿ ದ್ದಾರಂತೆ ನೋಡೋಣ. ಭ್ರಷ್ಟಾಚಾರದ ವಿರುದ್ಧ ಅವರು ಹೋರಾಟ ಮಾಡಲಿ. ಯಡಿಯೂರಪ್ಪ ಅವರು ಯಾಕೆ ಜೈಲಿಗೆ ಹೋದರು. ರೆಡ್ಡಿ ಬ್ರದರ್ಸ್‌ಗೆ ಯಾರು ಕಾರಣ? ಒಂದೇ ನೆಲದಲ್ಲಿ ಇದ್ದವರು ಬೆಂಬಲಿಸುವವರು ಎಂದು

ಪಶ್ಚಿಮ ಘಟ್ಟಗಳ ಸಂರಕ್ಷಣೆಗೆ ಅಭಿವೃದ್ಧಿ ಯೋಜನೆಗಳ ಕುರಿತು ಮರುಚಿಂತನೆ ಅಗತ್ಯ: ಮಾರುತಿ ಗುರೂಜಿ

ದೂರ ದೃಷ್ಟಿ ವಾರ್ತಾ ಕಾರವಾರ (ಉತ್ತರ ಕನ್ನಡ): ಪಶ್ಚಿಮ ಘಟ್ಟಗಳು ಉಳಿದರೆ ಮಾತ್ರ ನದಿಗಳು, ಅರಣ್ಯ, ಜೀವವೈವಿಧ್ಯ ಹಾಗೂ ಜನಜೀವನದ ಭವಿಷ್ಯ ಸುರಕ್ಷಿತವಾಗಿರುತ್ತದೆ. ಮುಂದಿನ ಪೀಳಿಗೆಯ ಹಿತಾಸಕ್ತಿ ಹಾಗೂ ಪರಿಸರ ಪರಿಣಾಮಗಳನ್ನು ಪರಿಗಣಿಸದ ದೊಡ್ಡ ಪ್ರಮಾಣದ ಯೋಜನೆಗಳನ್ನು ತಿರಸ್ಕರಿಸುವ ನಿಲುವಿನ ಅಗತ್ಯತೆ ಇದೆ ಎಂದು ಹೊನ್ನಾವರದ ಶ್ರೀಕ್ಷೇತ್ರ ಬಂಗಾರಮಕ್ಕಿಯ ಧರ್ಮಾಧಿಕಾರಿ ಮಾರುತಿ ಗುರೂಜಿ ಹೇಳಿದರು. ಪಶ್ಚಿಮ ಘಟ್ಟಗಳ ಸಂರಕ್ಷಣೆ, ಪರಿಸರ ಸಮತೋಲನ ಮತ್ತು ಸುಸ್ಥಿರ ಅಭಿವೃದ್ಧಿಯ ಕುರಿತು ಜನಜಾಗೃತಿ ಮೂಡಿಸುವ ಉದ್ದೇಶದಿಂದ ಭಾನುವಾರ ಶ್ರೀಕ್ಷೇತ್ರ ಬಂಗಾರಮಕ್ಕಿಯಲ್ಲಿ ಆಯೋಜಿಸಲಾಗಿದ್ದ 'ಪಶ್ಚಿಮ ಘಟ್ಟ ಸಂರಕ್ಷಣಾ ಚಾತುರ್ಮಾಸ್ಯ ವ್ರತ'ದ ಸರಣಿ ಚಿಂತನ-ಮಂಥನ ಕಾರ್ಯಕ್ರಮಗಳ ಸಮಾರೋಪ ಸಮಾರಂಭದಲ್ಲಿ ದಿವ್ಯ ಸಾನಿಧ್ಯ ವಹಿಸಿ ಅವರು ಮಾತನಾಡಿದರು. ಜನಪ್ರತಿನಿಧಿಗಳು, ಸಾರ್ವಜನಿಕರು ಎಚ್ಚೆತ್ತುಕೊಳ್ಳಿ: ಕಸ್ತೂರಿರಂಗನ್ ವರದಿ ಹಾಗೂ ಅದರ ಅನುಷ್ಠಾನವು ಉತ್ತರ ಕನ್ನಡ ಜಿಲ್ಲೆಯ ಮೇಲೆ ಬೀರುವ ಪರಿಣಾಮಗಳ ಕುರಿತು ಸಮಗ್ರ ಚರ್ಚೆ ನಡೆಯಬೇಕು. ಜಿಲ್ಲೆಯ ಭೌಗೋಳಿಕ ಹಾಗೂ ಪರಿಸರ ಸೂಕ್ಷ್ಮತೆಯನ್ನು ಗಮನದಲ್ಲಿಟ್ಟುಕೊಂಡು ಅಭಿವೃದ್ಧಿ ಯೋಜನೆಗಳನ್ನು ರೂಪಿಸಬೇಕೆಂದ ಅವರು, ಪಶ್ಚಿಮ ಘಟ್ಟಗಳ ನೈಸರ್ಗಿಕ ಸಮತೋಲನಕ್ಕೆ ಧಕ್ಕೆ ತರುವಂತಹ ಯೋಜನೆಗಳ ಬಗ್ಗೆ ಜನಪ್ರತಿನಿಧಿಗಳು ಮತ್ತು ಸಾರ್ವಜನಿಕರು ಎಚ್ಚೆತ್ತುಕೊಳ್ಳಬೇಕು ಎಂದು ಗುರೂಜಿ ಕರೆ ನೀಡಿದರು. ಪ್ರಕೃತಿ ಉಳಿಸುವುದು ನಮ್ಮೆಲ್ಲರ ಕರ್ತವ್ಯ: ನಂದಿವೇರಿ ಮಠದ ಕದ್ರತಗುಲ್ಡದ ಶಿವಕುಮಾರ ಸ್ವಾಮೀಜಿ ಆಶೀರ್ವಚನ ನೀಡಿ, ಪ್ರಕೃತಿ ಸಂರಕ್ಷಣೆ ನಮ್ಮ ಭಾರತೀಯ ಸಂಸ್ಕೃತಿಯ ಅವಿಭಾಜ್ಯ ಅಂಗವಾಗಿದ್ದು, ಮುಂದಿನ ಪೀಳಿಗೆಗೆ ಪ್ರಕೃತಿಯನ್ನು ಉಳಿಸುವುದು ನಮ್ಮೆಲ್ಲರ ಕರ್ತವ್ಯ ಎಂದರು. ಪರಿಸರ ಚಿಂತಕರು ಹಾಗೂ ಗಣ್ಯರು ಮಾತನಾಡಿ, ಪಶ್ಚಿಮ ಘಟ್ಟಗಳ ಸಂರಕ್ಷಣೆ ಕೇವಲ ಸರ್ಕಾರದ ಜವಾಬ್ದಾರಿಯಲ್ಲ, ಪ್ರತಿಯೊಬ್ಬ ನಾಗರಿಕನ ಕರ್ತವ್ಯ ಎಂದು ತಿಳಿಸಿದರು.
